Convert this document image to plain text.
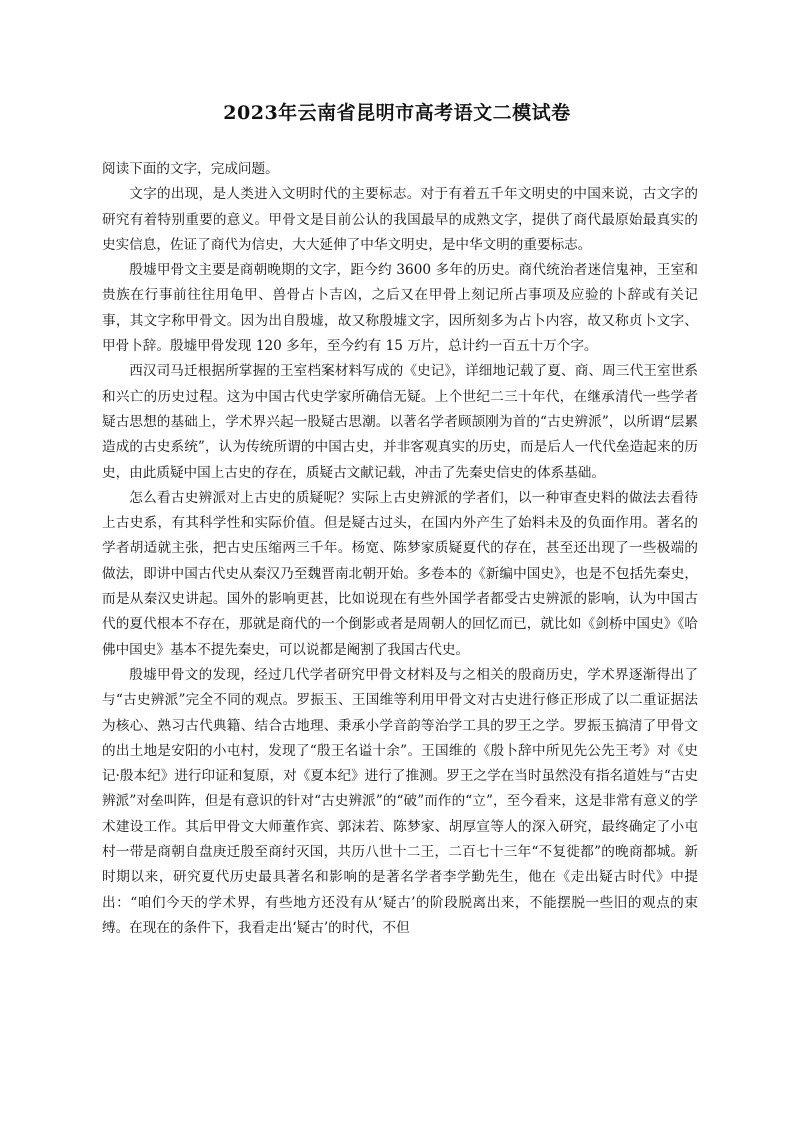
2023年云南省昆明市高考语文二模试卷

阅读下面的文字，完成问题。

文字的出现，是人类进入文明时代的主要标志。对于有着五千年文明史的中国来说，古文字的研究有着特别重要的意义。甲骨文是目前公认的我国最早的成熟文字，提供了商代最原始最真实的史实信息，佐证了商代为信史，大大延伸了中华文明史，是中华文明的重要标志。

殷墟甲骨文主要是商朝晚期的文字，距今约 3600 多年的历史。商代统治者迷信鬼神，王室和贵族在行事前往往用龟甲、兽骨占卜吉凶，之后又在甲骨上刻记所占事项及应验的卜辞或有关记事，其文字称甲骨文。因为出自殷墟，故又称殷墟文字，因所刻多为占卜内容，故又称贞卜文字、甲骨卜辞。殷墟甲骨发现 120 多年，至今约有 15 万片，总计约一百五十万个字。

西汉司马迁根据所掌握的王室档案材料写成的《史记》，详细地记载了夏、商、周三代王室世系和兴亡的历史过程。这为中国古代史学家所确信无疑。上个世纪二三十年代，在继承清代一些学者疑古思想的基础上，学术界兴起一股疑古思潮。以著名学者顾颉刚为首的“古史辨派”，以所谓“层累造成的古史系统”，认为传统所谓的中国古史，并非客观真实的历史，而是后人一代代垒造起来的历史，由此质疑中国上古史的存在，质疑古文献记载，冲击了先秦史信史的体系基础。

怎么看古史辨派对上古史的质疑呢？实际上古史辨派的学者们，以一种审查史料的做法去看待上古史系，有其科学性和实际价值。但是疑古过头，在国内外产生了始料未及的负面作用。著名的学者胡适就主张，把古史压缩两三千年。杨宽、陈梦家质疑夏代的存在，甚至还出现了一些极端的做法，即讲中国古代史从秦汉乃至魏晋南北朝开始。多卷本的《新编中国史》，也是不包括先秦史，而是从秦汉史讲起。国外的影响更甚，比如说现在有些外国学者都受古史辨派的影响，认为中国古代的夏代根本不存在，那就是商代的一个倒影或者是周朝人的回忆而已，就比如《剑桥中国史》《哈佛中国史》基本不提先秦史，可以说都是阉割了我国古代史。

殷墟甲骨文的发现，经过几代学者研究甲骨文材料及与之相关的殷商历史，学术界逐渐得出了与“古史辨派”完全不同的观点。罗振玉、王国维等利用甲骨文对古史进行修正形成了以二重证据法为核心、熟习古代典籍、结合古地理、秉承小学音韵等治学工具的罗王之学。罗振玉搞清了甲骨文的出土地是安阳的小屯村，发现了“殷王名谥十余”。王国维的《殷卜辞中所见先公先王考》对《史记·殷本纪》进行印证和复原，对《夏本纪》进行了推测。罗王之学在当时虽然没有指名道姓与“古史辨派”对垒叫阵，但是有意识的针对“古史辨派”的“破”而作的“立”，至今看来，这是非常有意义的学术建设工作。其后甲骨文大师董作宾、郭沫若、陈梦家、胡厚宣等人的深入研究，最终确定了小屯村一带是商朝自盘庚迁殷至商纣灭国，共历八世十二王，二百七十三年“不复徙都”的晚商都城。新时期以来，研究夏代历史最具著名和影响的是著名学者李学勤先生，他在《走出疑古时代》中提出：“咱们今天的学术界，有些地方还没有从‘疑古’的阶段脱离出来，不能摆脱一些旧的观点的束缚。在现在的条件下，我看走出‘疑古’的时代，不但
